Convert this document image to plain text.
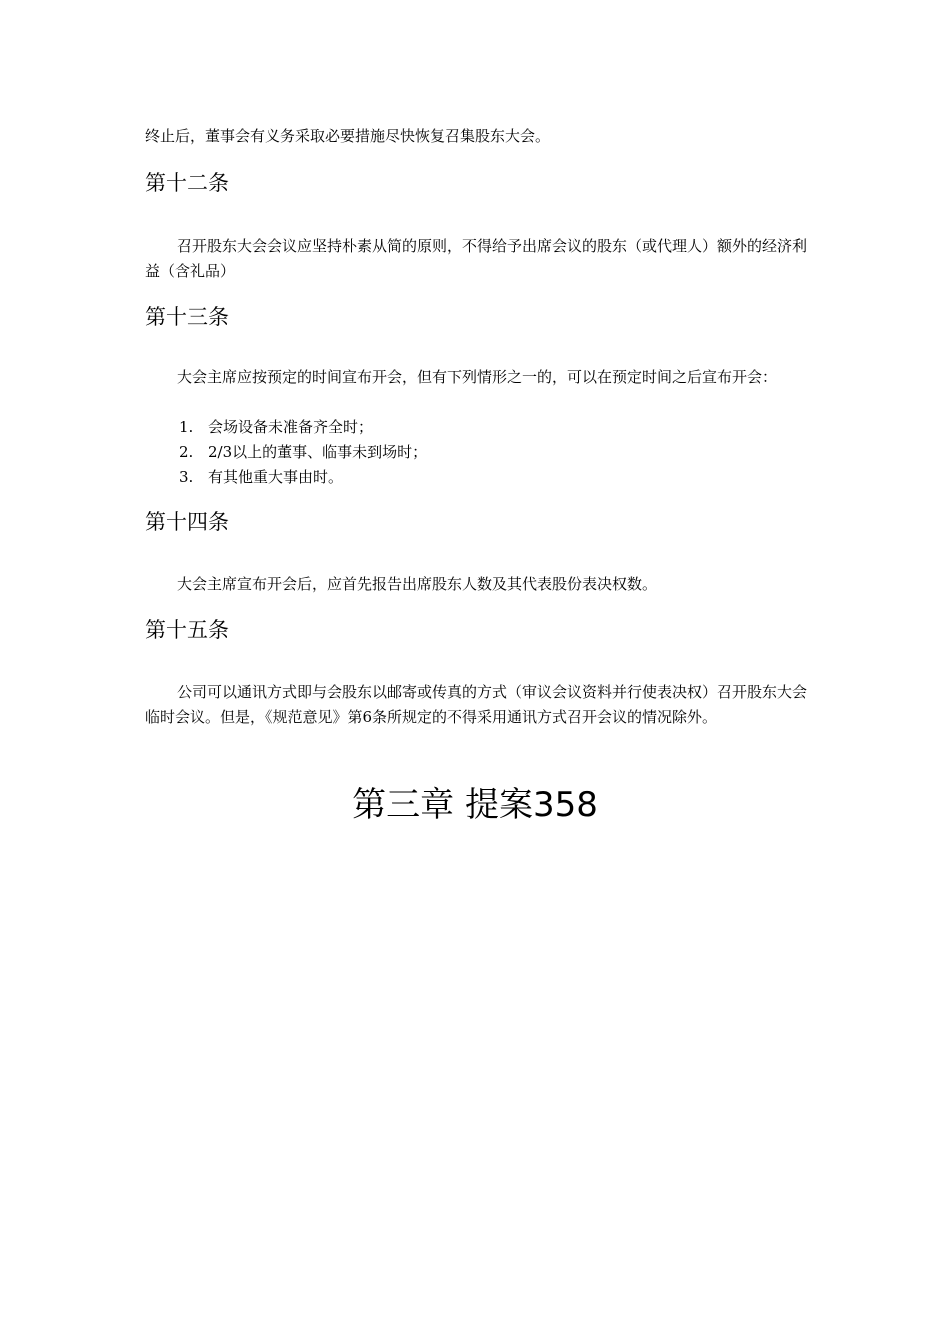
终止后，董事会有义务采取必要措施尽快恢复召集股东大会。

第十二条

召开股东大会会议应坚持朴素从简的原则，不得给予出席会议的股东（或代理人）额外的经济利益（含礼品）

第十三条

大会主席应按预定的时间宣布开会，但有下列情形之一的，可以在预定时间之后宣布开会：

1. 会场设备未准备齐全时；
2. 2/3以上的董事、临事未到场时；
3. 有其他重大事由时。
第十四条

大会主席宣布开会后，应首先报告出席股东人数及其代表股份表决权数。

第十五条

公司可以通讯方式即与会股东以邮寄或传真的方式（审议会议资料并行使表决权）召开股东大会临时会议。但是，《规范意见》第6条所规定的不得采用通讯方式召开会议的情况除外。

第三章 提案358
